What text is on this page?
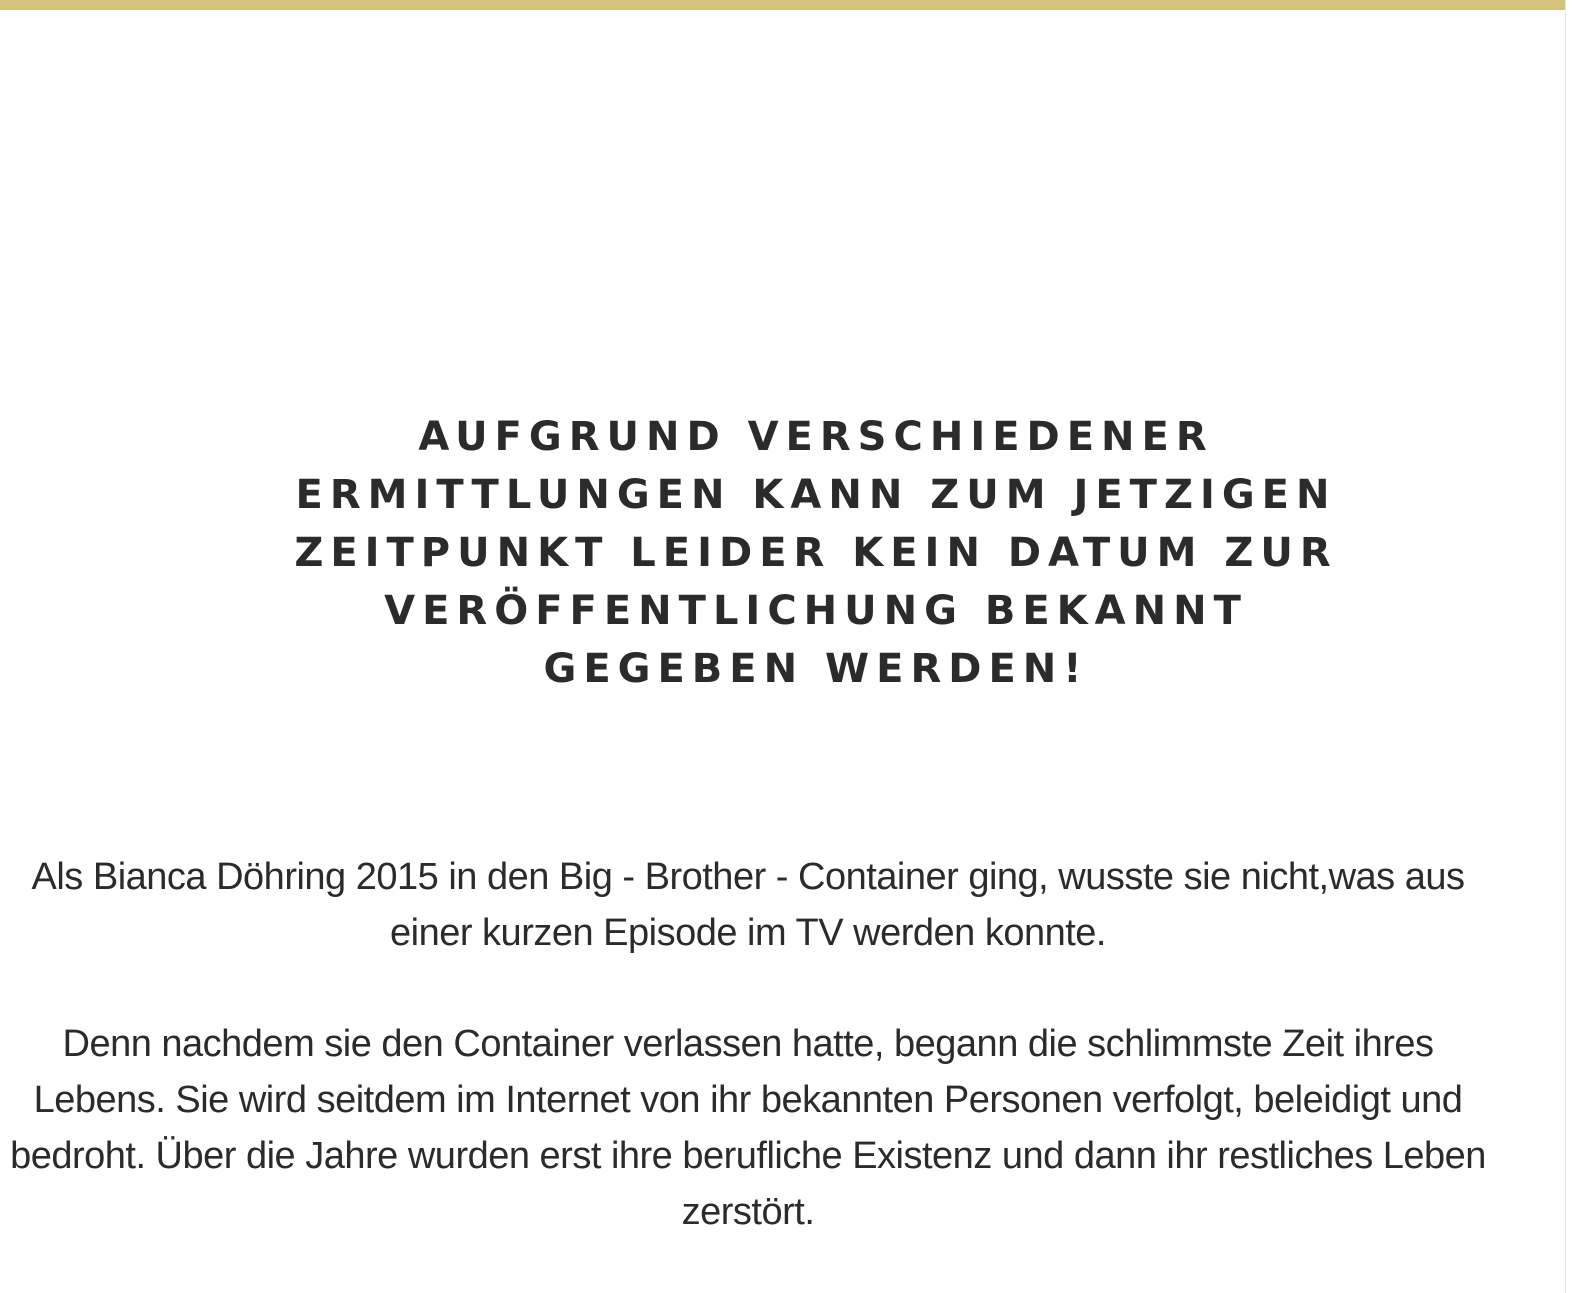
AUFGRUND VERSCHIEDENER ERMITTLUNGEN KANN ZUM JETZIGEN ZEITPUNKT LEIDER KEIN DATUM ZUR VERÖFFENTLICHUNG BEKANNT GEGEBEN WERDEN!

Als Bianca Döhring 2015 in den Big - Brother - Container ging, wusste sie nicht,was aus einer kurzen Episode im TV werden konnte.

Denn nachdem sie den Container verlassen hatte, begann die schlimmste Zeit ihres Lebens. Sie wird seitdem im Internet von ihr bekannten Personen verfolgt, beleidigt und bedroht. Über die Jahre wurden erst ihre berufliche Existenz und dann ihr restliches Leben zerstört.
